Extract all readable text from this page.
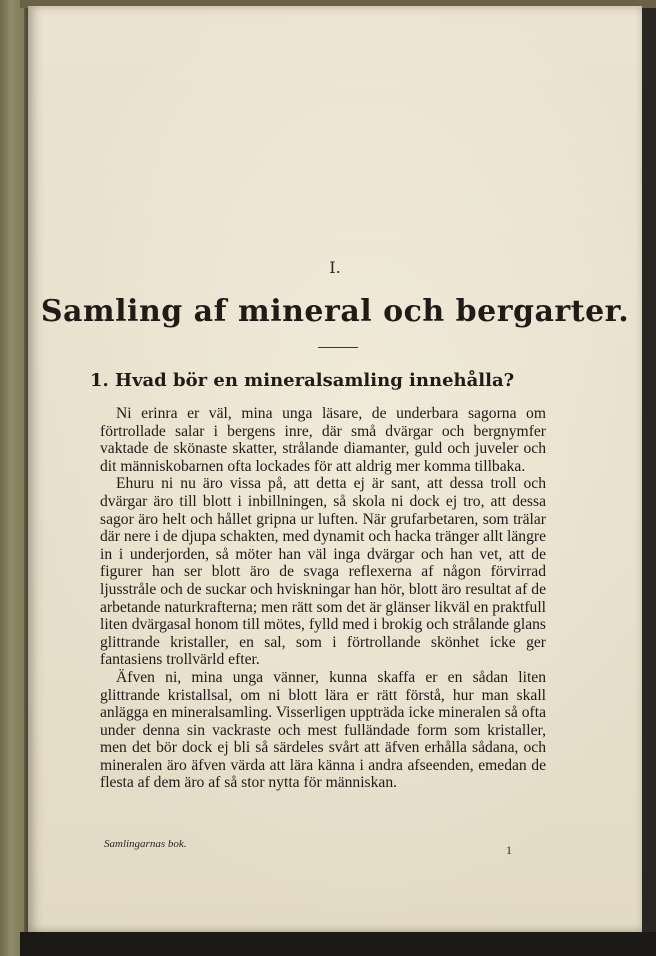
I.
Samling af mineral och bergarter.
1. Hvad bör en mineralsamling innehålla?

Ni erinra er väl, mina unga läsare, de underbara sagorna om förtrollade salar i bergens inre, där små dvärgar och bergnymfer vaktade de skönaste skatter, strålande diamanter, guld och juveler och dit människobarnen ofta lockades för att aldrig mer komma tillbaka.

Ehuru ni nu äro vissa på, att detta ej är sant, att dessa troll och dvärgar äro till blott i inbillningen, så skola ni dock ej tro, att dessa sagor äro helt och hållet gripna ur luften. När grufarbetaren, som trälar där nere i de djupa schakten, med dynamit och hacka tränger allt längre in i underjorden, så möter han väl inga dvärgar och han vet, att de figurer han ser blott äro de svaga reflexerna af någon förvirrad ljusstråle och de suckar och hviskningar han hör, blott äro resultat af de arbetande naturkrafterna; men rätt som det är glänser likväl en praktfull liten dvärgasal honom till mötes, fylld med i brokig och strålande glans glittrande kristaller, en sal, som i förtrollande skönhet icke ger fantasiens trollvärld efter.

Äfven ni, mina unga vänner, kunna skaffa er en sådan liten glittrande kristallsal, om ni blott lära er rätt förstå, hur man skall anlägga en mineralsamling. Visserligen uppträda icke mineralen så ofta under denna sin vackraste och mest fulländade form som kristaller, men det bör dock ej bli så särdeles svårt att äfven erhålla sådana, och mineralen äro äfven värda att lära känna i andra afseenden, emedan de flesta af dem äro af så stor nytta för människan.

Samlingarnas bok.	1
